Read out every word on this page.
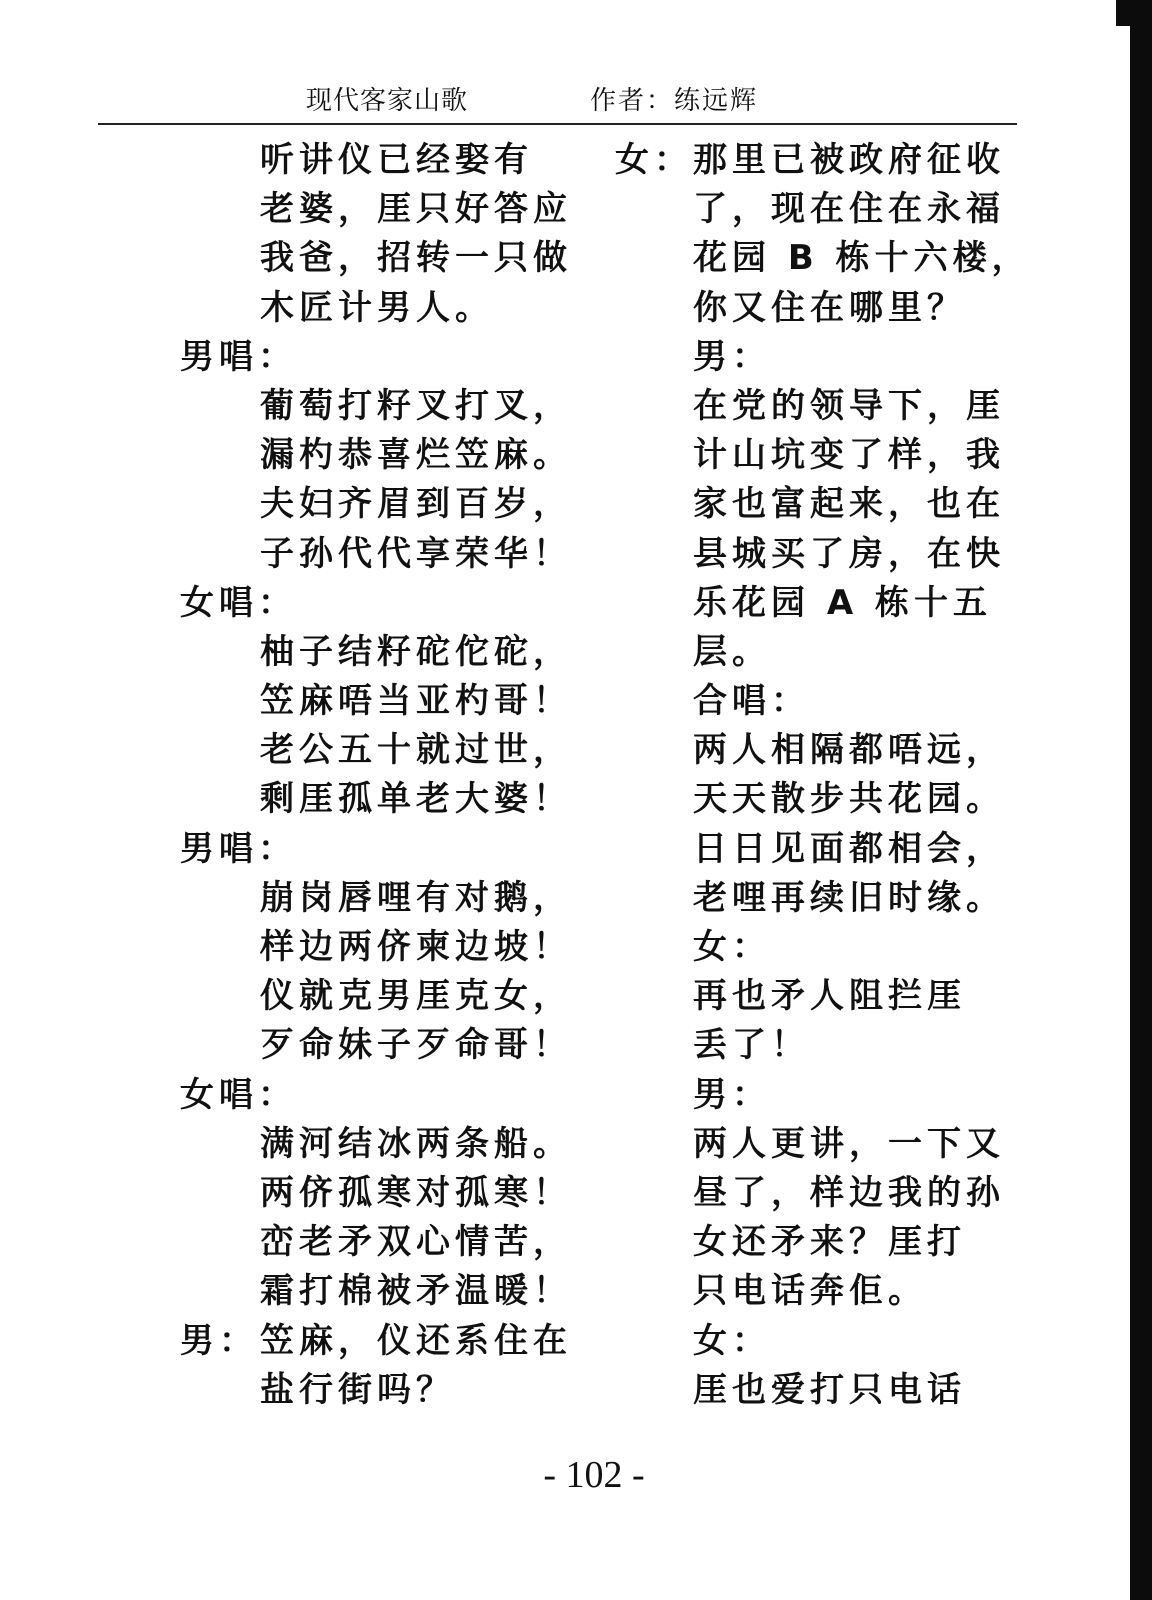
现代客家山歌	作者：练远辉
听讲仪已经娶有
老婆，厓只好答应
我爸，招转一只做
木匠计男人。
男唱：
葡萄打籽叉打叉，
漏杓恭喜烂笠麻。
夫妇齐眉到百岁，
子孙代代享荣华！
女唱：
柚子结籽砣佗砣，
笠麻唔当亚杓哥！
老公五十就过世，
剩厓孤单老大婆！
男唱：
崩岗唇哩有对鹅，
样边两侪柬边坡！
仪就克男厓克女，
歹命妹子歹命哥！
女唱：
满河结冰两条船。
两侪孤寒对孤寒！
峦老矛双心情苦，
霜打棉被矛温暖！
男：笠麻，仪还系住在
盐行街吗？
女：那里已被政府征收
了，现在住在永福
花园 B 栋十六楼，
你又住在哪里？
男：
在党的领导下，厓
计山坑变了样，我
家也富起来，也在
县城买了房，在快
乐花园 A 栋十五
层。
合唱：
两人相隔都唔远，
天天散步共花园。
日日见面都相会，
老哩再续旧时缘。
女：
再也矛人阻拦厓
丢了！
男：
两人更讲，一下又
昼了，样边我的孙
女还矛来？厓打
只电话奔佢。
女：
厓也爱打只电话
- 102 -
